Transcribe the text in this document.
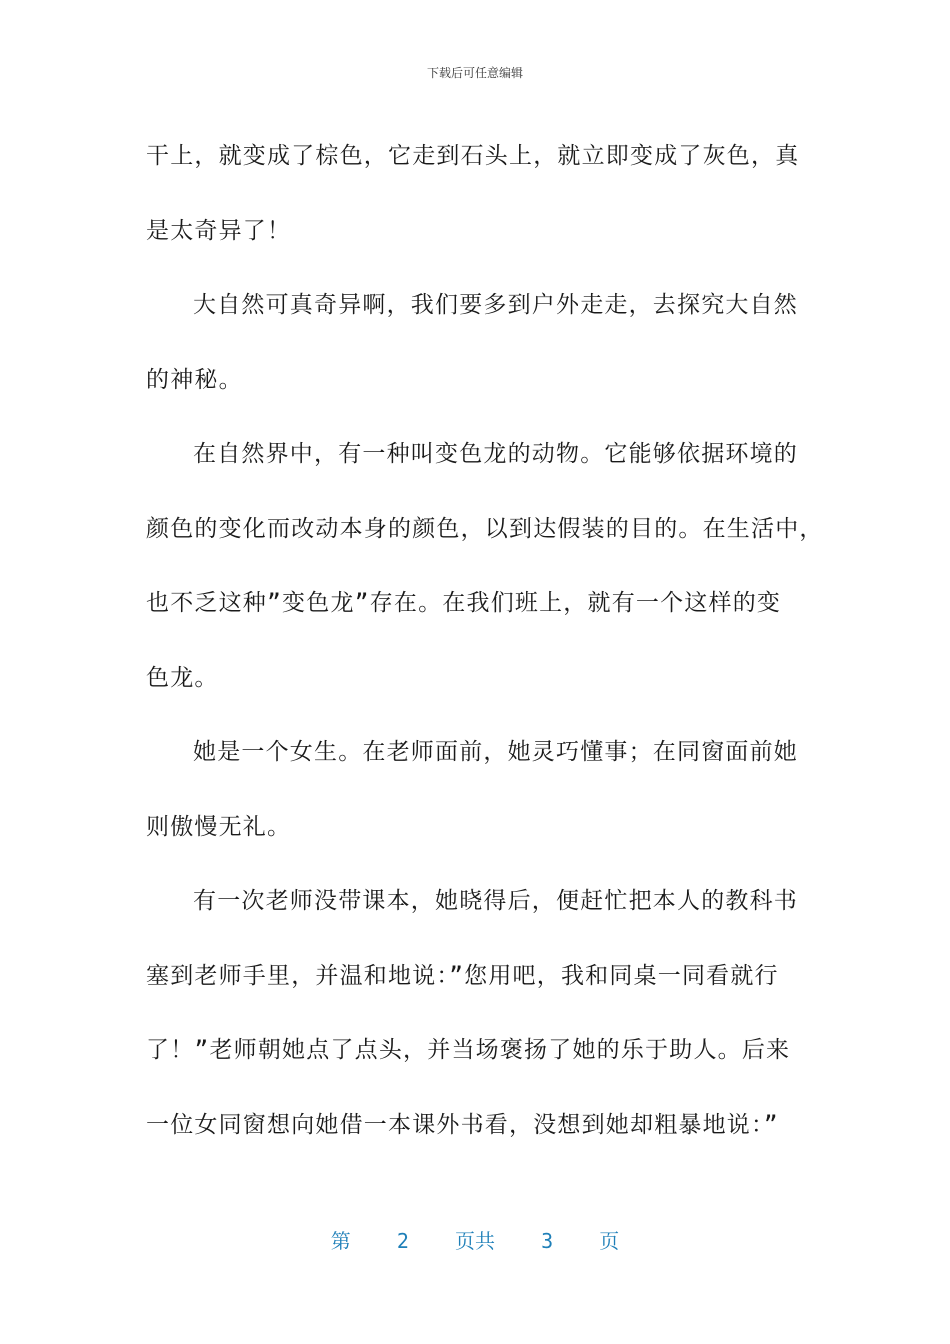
下载后可任意编辑
干上，就变成了棕色，它走到石头上，就立即变成了灰色，真
是太奇异了！
大自然可真奇异啊，我们要多到户外走走，去探究大自然
的神秘。
在自然界中，有一种叫变色龙的动物。它能够依据环境的
颜色的变化而改动本身的颜色，以到达假装的目的。在生活中，
也不乏这种”变色龙”存在。在我们班上，就有一个这样的变
色龙。
她是一个女生。在老师面前，她灵巧懂事；在同窗面前她
则傲慢无礼。
有一次老师没带课本，她晓得后，便赶忙把本人的教科书
塞到老师手里，并温和地说：”您用吧，我和同桌一同看就行
了！”老师朝她点了点头，并当场褒扬了她的乐于助人。后来
一位女同窗想向她借一本课外书看，没想到她却粗暴地说：”
第 2 页共 3 页
